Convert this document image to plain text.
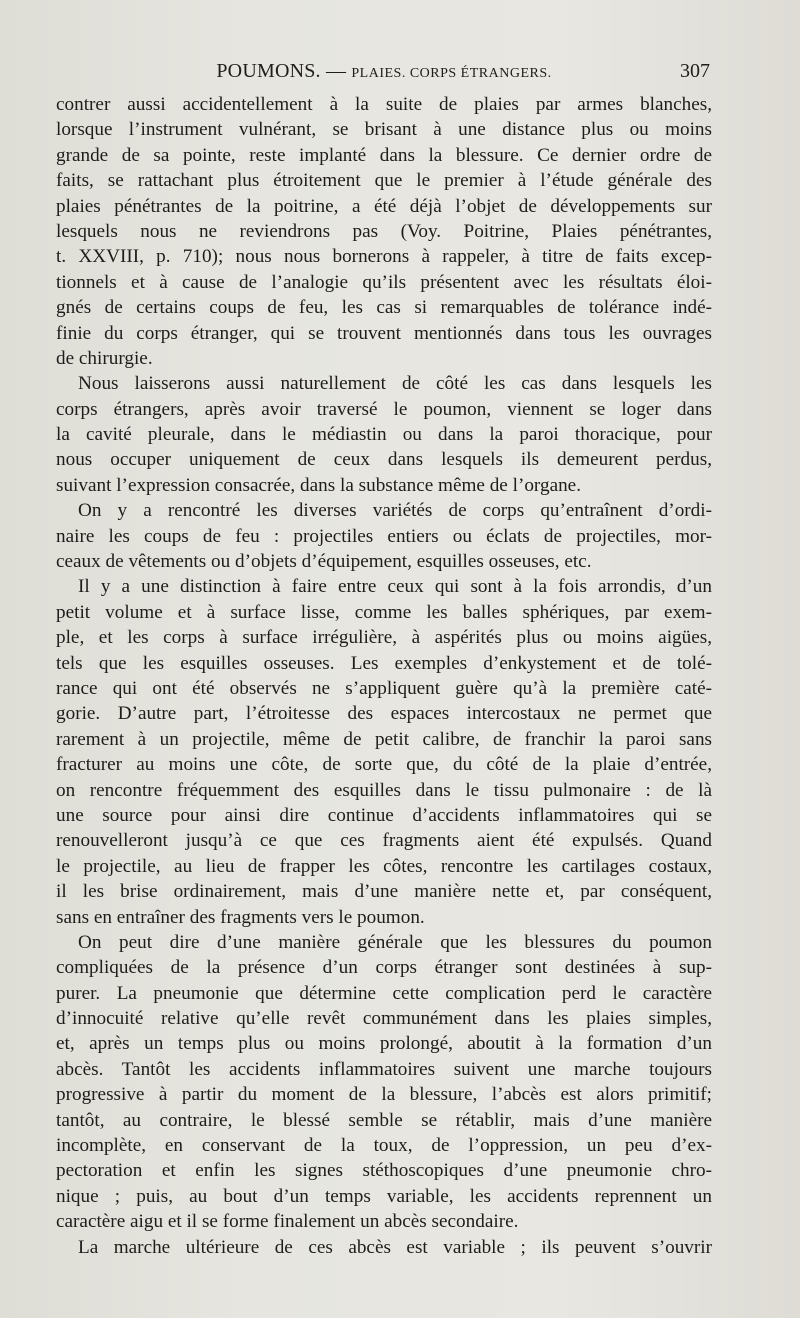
POUMONS. — PLAIES. CORPS ÉTRANGERS.	307
contrer aussi accidentellement à la suite de plaies par armes blanches,
lorsque l’instrument vulnérant, se brisant à une distance plus ou moins
grande de sa pointe, reste implanté dans la blessure. Ce dernier ordre de
faits, se rattachant plus étroitement que le premier à l’étude générale des
plaies pénétrantes de la poitrine, a été déjà l’objet de développements sur
lesquels nous ne reviendrons pas (Voy. Poitrine, Plaies pénétrantes,
t. XXVIII, p. 710); nous nous bornerons à rappeler, à titre de faits excep-
tionnels et à cause de l’analogie qu’ils présentent avec les résultats éloi-
gnés de certains coups de feu, les cas si remarquables de tolérance indé-
finie du corps étranger, qui se trouvent mentionnés dans tous les ouvrages
de chirurgie.
Nous laisserons aussi naturellement de côté les cas dans lesquels les
corps étrangers, après avoir traversé le poumon, viennent se loger dans
la cavité pleurale, dans le médiastin ou dans la paroi thoracique, pour
nous occuper uniquement de ceux dans lesquels ils demeurent perdus,
suivant l’expression consacrée, dans la substance même de l’organe.
On y a rencontré les diverses variétés de corps qu’entraînent d’ordi-
naire les coups de feu : projectiles entiers ou éclats de projectiles, mor-
ceaux de vêtements ou d’objets d’équipement, esquilles osseuses, etc.
Il y a une distinction à faire entre ceux qui sont à la fois arrondis, d’un
petit volume et à surface lisse, comme les balles sphériques, par exem-
ple, et les corps à surface irrégulière, à aspérités plus ou moins aigües,
tels que les esquilles osseuses. Les exemples d’enkystement et de tolé-
rance qui ont été observés ne s’appliquent guère qu’à la première caté-
gorie. D’autre part, l’étroitesse des espaces intercostaux ne permet que
rarement à un projectile, même de petit calibre, de franchir la paroi sans
fracturer au moins une côte, de sorte que, du côté de la plaie d’entrée,
on rencontre fréquemment des esquilles dans le tissu pulmonaire : de là
une source pour ainsi dire continue d’accidents inflammatoires qui se
renouvelleront jusqu’à ce que ces fragments aient été expulsés. Quand
le projectile, au lieu de frapper les côtes, rencontre les cartilages costaux,
il les brise ordinairement, mais d’une manière nette et, par conséquent,
sans en entraîner des fragments vers le poumon.
On peut dire d’une manière générale que les blessures du poumon
compliquées de la présence d’un corps étranger sont destinées à sup-
purer. La pneumonie que détermine cette complication perd le caractère
d’innocuité relative qu’elle revêt communément dans les plaies simples,
et, après un temps plus ou moins prolongé, aboutit à la formation d’un
abcès. Tantôt les accidents inflammatoires suivent une marche toujours
progressive à partir du moment de la blessure, l’abcès est alors primitif;
tantôt, au contraire, le blessé semble se rétablir, mais d’une manière
incomplète, en conservant de la toux, de l’oppression, un peu d’ex-
pectoration et enfin les signes stéthoscopiques d’une pneumonie chro-
nique ; puis, au bout d’un temps variable, les accidents reprennent un
caractère aigu et il se forme finalement un abcès secondaire.
La marche ultérieure de ces abcès est variable ; ils peuvent s’ouvrir
